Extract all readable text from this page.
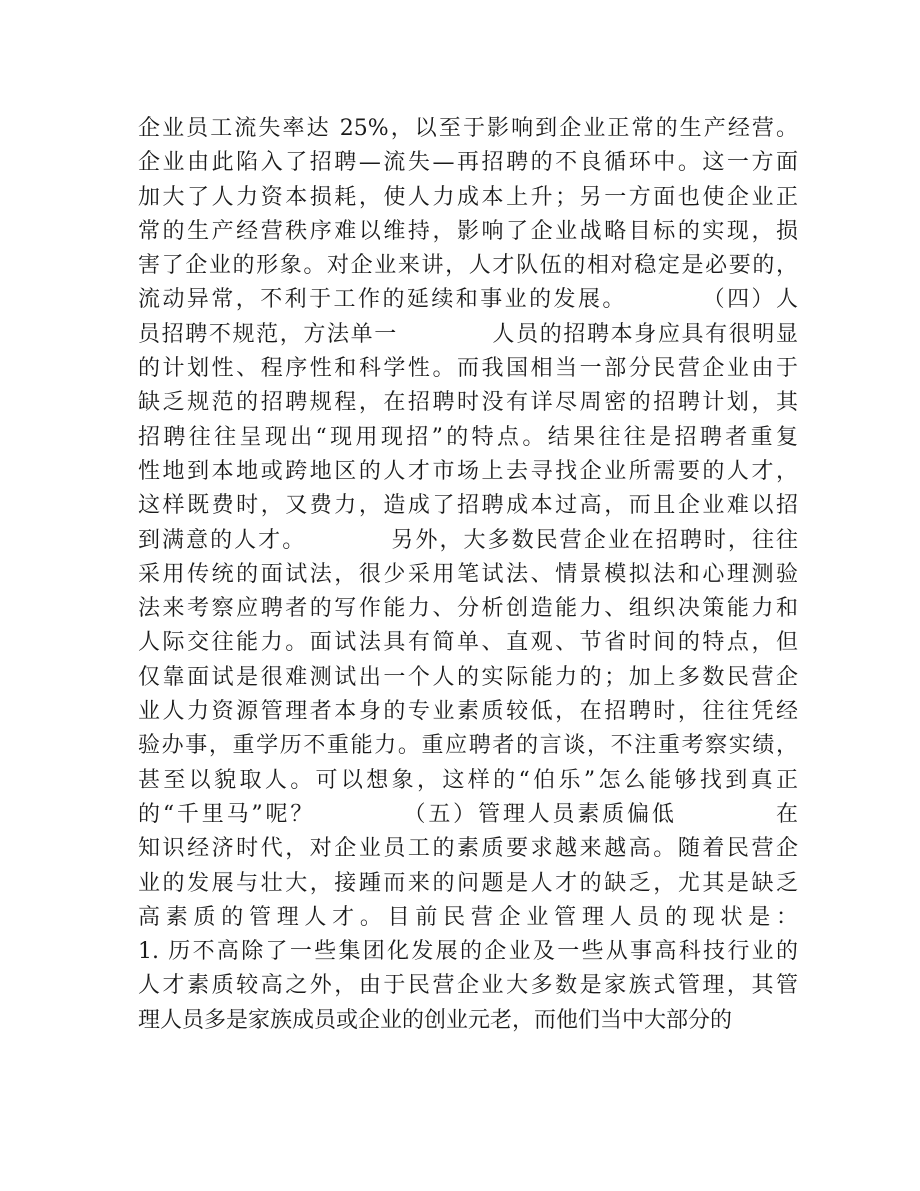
企业员工流失率达 25%，以至于影响到企业正常的生产经营。
企业由此陷入了招聘—流失—再招聘的不良循环中。这一方面
加大了人力资本损耗，使人力成本上升；另一方面也使企业正
常的生产经营秩序难以维持，影响了企业战略目标的实现，损
害了企业的形象。对企业来讲，人才队伍的相对稳定是必要的，
流动异常，不利于工作的延续和事业的发展。　　　　（四）人
员招聘不规范，方法单一　　　　人员的招聘本身应具有很明显
的计划性、程序性和科学性。而我国相当一部分民营企业由于
缺乏规范的招聘规程，在招聘时没有详尽周密的招聘计划，其
招聘往往呈现出“现用现招”的特点。结果往往是招聘者重复
性地到本地或跨地区的人才市场上去寻找企业所需要的人才，
这样既费时，又费力，造成了招聘成本过高，而且企业难以招
到满意的人才。　　　　另外，大多数民营企业在招聘时，往往
采用传统的面试法，很少采用笔试法、情景模拟法和心理测验
法来考察应聘者的写作能力、分析创造能力、组织决策能力和
人际交往能力。面试法具有简单、直观、节省时间的特点，但
仅靠面试是很难测试出一个人的实际能力的；加上多数民营企
业人力资源管理者本身的专业素质较低，在招聘时，往往凭经
验办事，重学历不重能力。重应聘者的言谈，不注重考察实绩，
甚至以貌取人。可以想象，这样的“伯乐”怎么能够找到真正
的“千里马”呢？　　　　（五）管理人员素质偏低　　　　在
知识经济时代，对企业员工的素质要求越来越高。随着民营企
业的发展与壮大，接踵而来的问题是人才的缺乏，尤其是缺乏
高素质的管理人才。目前民营企业管理人员的现状是：
1. 历不高除了一些集团化发展的企业及一些从事高科技行业的
人才素质较高之外，由于民营企业大多数是家族式管理，其管
理人员多是家族成员或企业的创业元老，而他们当中大部分的
